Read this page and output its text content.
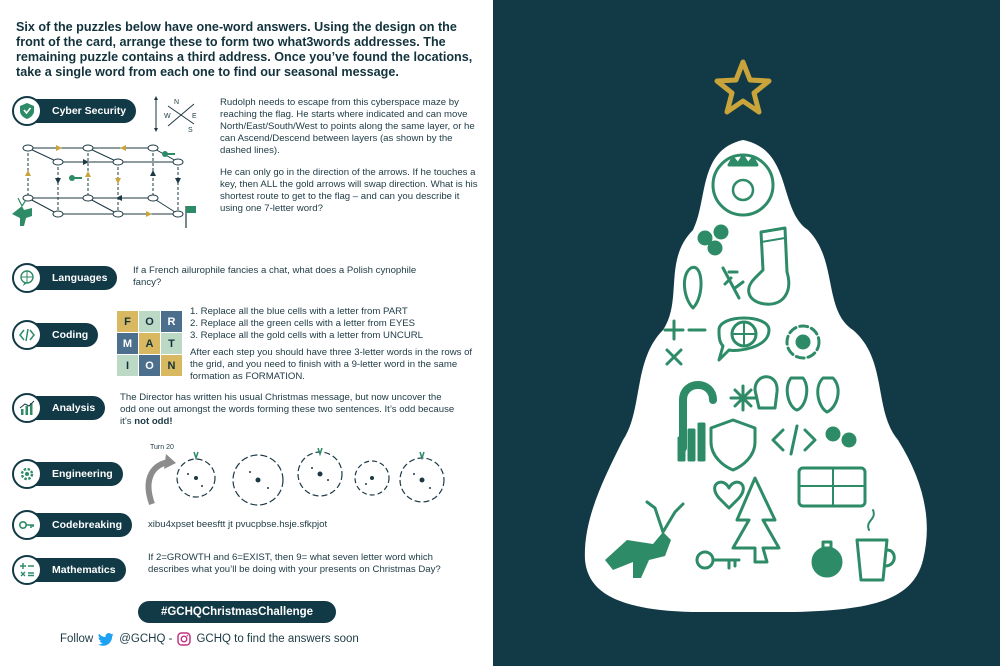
Six of the puzzles below have one-word answers. Using the design on the front of the card, arrange these to form two what3words addresses. The remaining puzzle contains a third address. Once you’ve found the locations, take a single word from each one to find our seasonal message.
Cyber Security
N
W	E
S

Rudolph needs to escape from this cyberspace maze by reaching the flag. He starts where indicated and can move North/East/South/West to points along the same layer, or he can Ascend/Descend between layers (as shown by the dashed lines).

He can only go in the direction of the arrows. If he touches a key, then ALL the gold arrows will swap direction. What is his shortest route to get to the flag – and can you describe it using one 7-letter word?

Languages
If a French ailurophile fancies a chat, what does a Polish cynophile fancy?
Coding
F	O	R
M	A	T
I	O	N
1. Replace all the blue cells with a letter from PART
2. Replace all the green cells with a letter from EYES
3. Replace all the gold cells with a letter from UNCURL
After each step you should have three 3-letter words in the rows of the grid, and you need to finish with a 9-letter word in the same formation as FORMATION.
Analysis
The Director has written his usual Christmas message, but now uncover the odd one out amongst the words forming these two sentences. It’s odd because it’s not odd!
Engineering
Turn 20
Codebreaking	xibu4xpset beesftt jt pvucpbse.hsje.sfkpjot
Mathematics
If 2=GROWTH and 6=EXIST, then 9= what seven letter word which describes what you’ll be doing with your presents on Christmas Day?
#GCHQChristmasChallenge
Follow @GCHQ - GCHQ to find the answers soon
